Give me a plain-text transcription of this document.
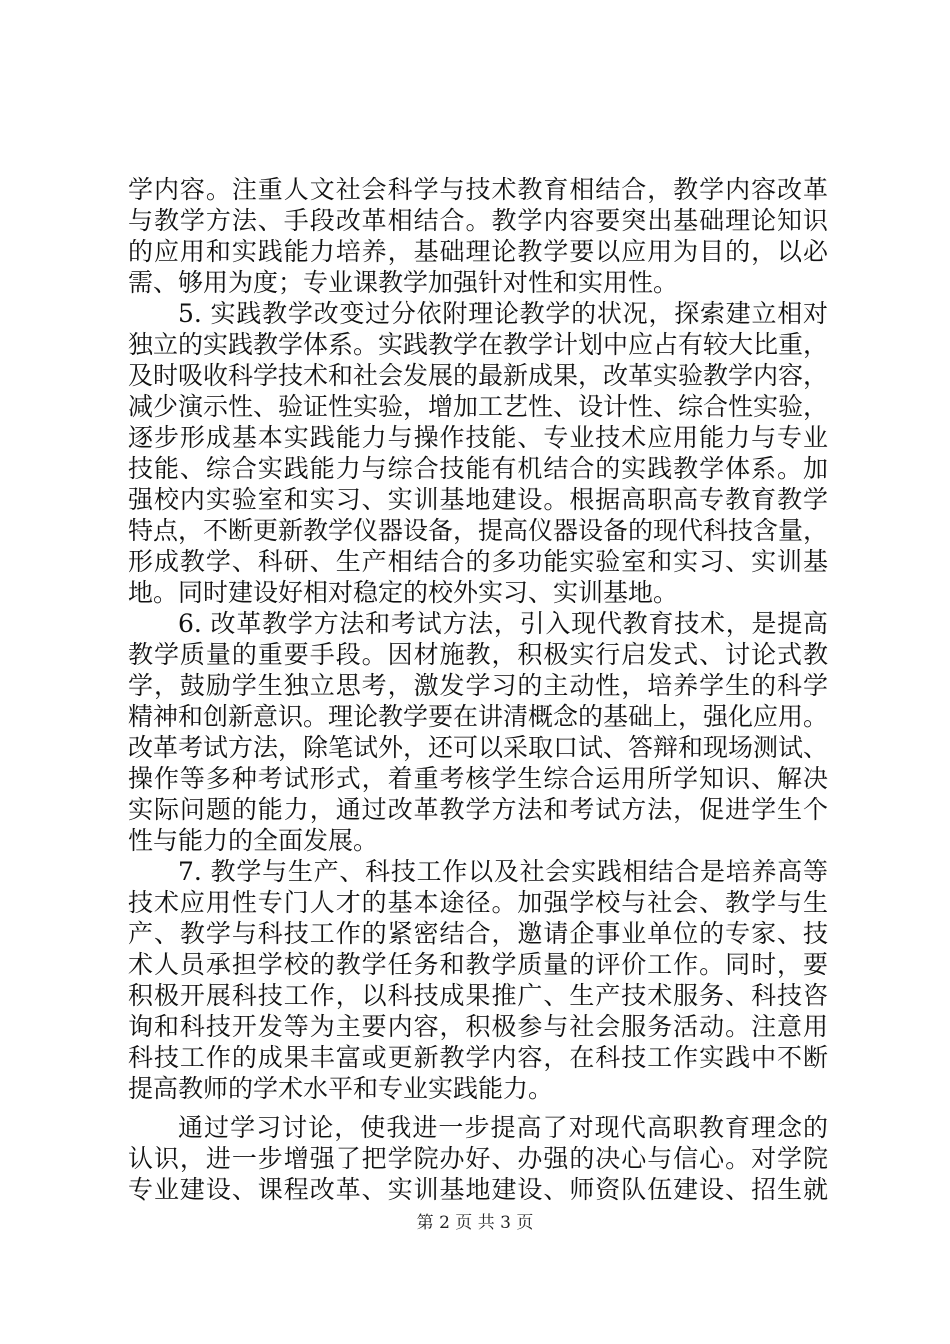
学内容。注重人文社会科学与技术教育相结合，教学内容改革
与教学方法、手段改革相结合。教学内容要突出基础理论知识
的应用和实践能力培养，基础理论教学要以应用为目的，以必
需、够用为度；专业课教学加强针对性和实用性。
5. 实践教学改变过分依附理论教学的状况，探索建立相对
独立的实践教学体系。实践教学在教学计划中应占有较大比重，
及时吸收科学技术和社会发展的最新成果，改革实验教学内容，
减少演示性、验证性实验，增加工艺性、设计性、综合性实验，
逐步形成基本实践能力与操作技能、专业技术应用能力与专业
技能、综合实践能力与综合技能有机结合的实践教学体系。加
强校内实验室和实习、实训基地建设。根据高职高专教育教学
特点，不断更新教学仪器设备，提高仪器设备的现代科技含量，
形成教学、科研、生产相结合的多功能实验室和实习、实训基
地。同时建设好相对稳定的校外实习、实训基地。
6. 改革教学方法和考试方法，引入现代教育技术，是提高
教学质量的重要手段。因材施教，积极实行启发式、讨论式教
学，鼓励学生独立思考，激发学习的主动性，培养学生的科学
精神和创新意识。理论教学要在讲清概念的基础上，强化应用。
改革考试方法，除笔试外，还可以采取口试、答辩和现场测试、
操作等多种考试形式，着重考核学生综合运用所学知识、解决
实际问题的能力，通过改革教学方法和考试方法，促进学生个
性与能力的全面发展。
7. 教学与生产、科技工作以及社会实践相结合是培养高等
技术应用性专门人才的基本途径。加强学校与社会、教学与生
产、教学与科技工作的紧密结合，邀请企事业单位的专家、技
术人员承担学校的教学任务和教学质量的评价工作。同时，要
积极开展科技工作，以科技成果推广、生产技术服务、科技咨
询和科技开发等为主要内容，积极参与社会服务活动。注意用
科技工作的成果丰富或更新教学内容，在科技工作实践中不断
提高教师的学术水平和专业实践能力。
通过学习讨论，使我进一步提高了对现代高职教育理念的
认识，进一步增强了把学院办好、办强的决心与信心。对学院
专业建设、课程改革、实训基地建设、师资队伍建设、招生就
第 2 页 共 3 页
